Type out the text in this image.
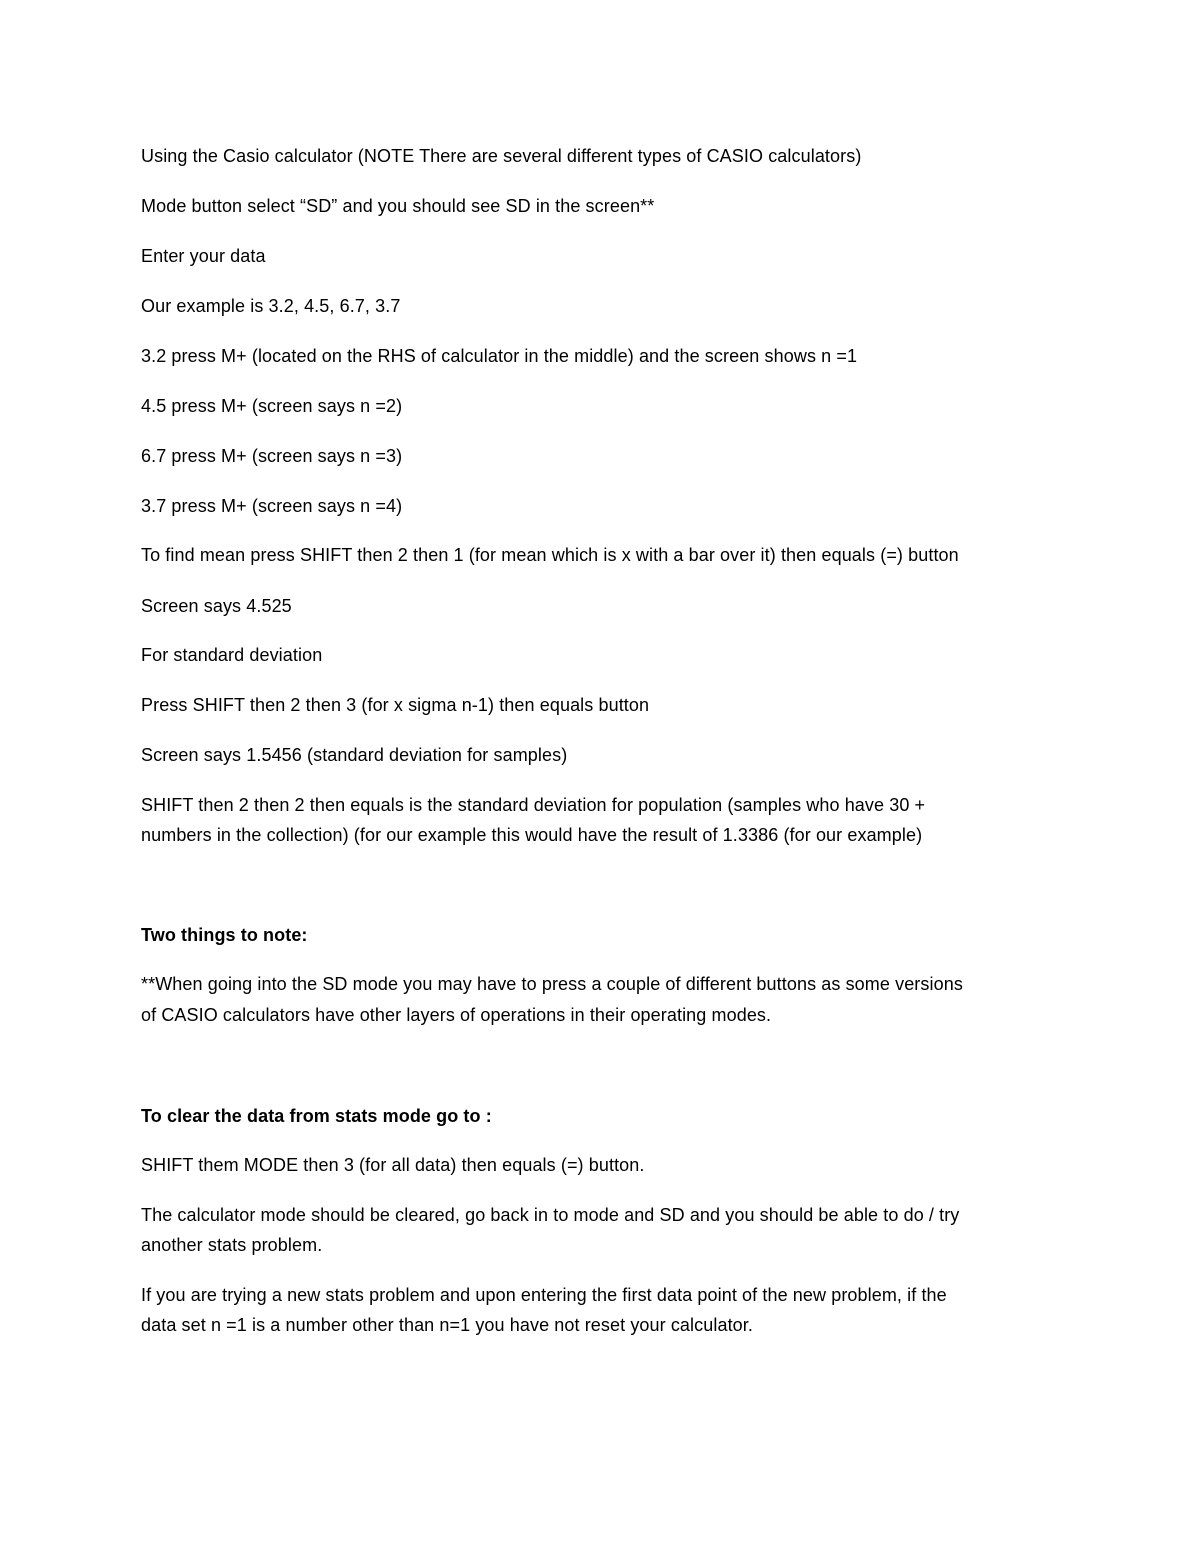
Using the Casio calculator (NOTE There are several different types of CASIO calculators)
Mode button select “SD” and you should see SD in the screen**
Enter your data
Our example is 3.2, 4.5, 6.7, 3.7
3.2 press M+ (located on the RHS of calculator in the middle) and the screen shows n =1
4.5 press M+ (screen says n =2)
6.7 press M+ (screen says n =3)
3.7 press M+ (screen says n =4)
To find mean press SHIFT then 2 then 1 (for mean which is x with a bar over it) then equals (=) button
Screen says 4.525
For standard deviation
Press SHIFT then 2 then 3 (for x sigma n-1) then equals button
Screen says 1.5456 (standard deviation for samples)
SHIFT then 2 then 2 then equals is the standard deviation for population (samples who have 30 +
numbers in the collection) (for our example this would have the result of 1.3386 (for our example)
Two things to note:
**When going into the SD mode you may have to press a couple of different buttons as some versions
of CASIO calculators have other layers of operations in their operating modes.
To clear the data from stats mode go to :
SHIFT them MODE then 3 (for all data) then equals (=) button.
The calculator mode should be cleared, go back in to mode and SD and you should be able to do / try
another stats problem.
If you are trying a new stats problem and upon entering the first data point of the new problem, if the
data set n =1 is a number other than n=1 you have not reset your calculator.
